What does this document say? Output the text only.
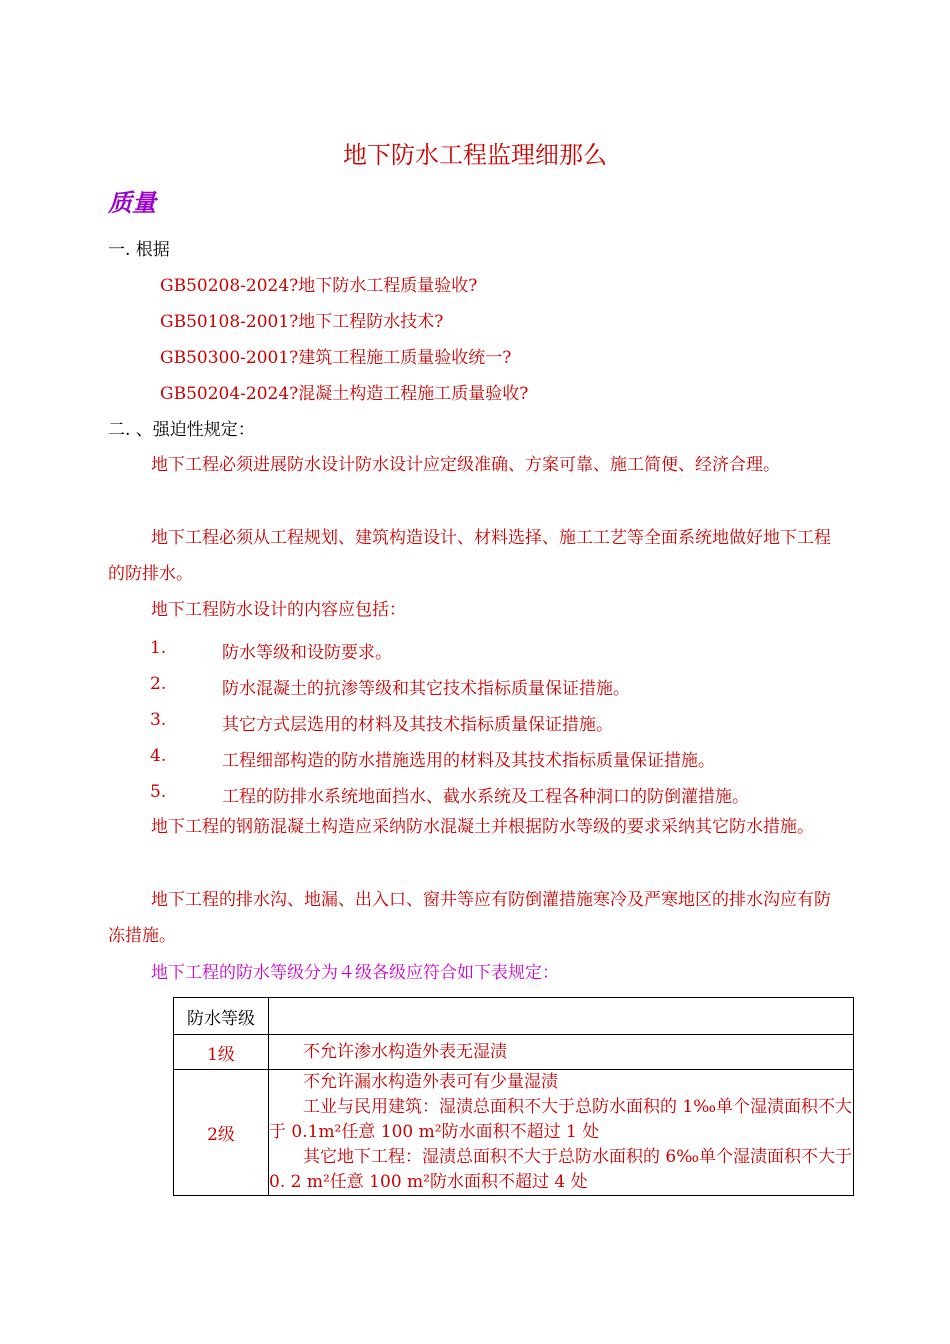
地下防水工程监理细那么
质量
一. 根据
GB50208-2024?地下防水工程质量验收?
GB50108-2001?地下工程防水技术?
GB50300-2001?建筑工程施工质量验收统一?
GB50204-2024?混凝土构造工程施工质量验收?
二. 、强迫性规定：
地下工程必须进展防水设计防水设计应定级准确、方案可靠、施工简便、经济合理。
地下工程必须从工程规划、建筑构造设计、材料选择、施工工艺等全面系统地做好地下工程的防排水。
地下工程防水设计的内容应包括：
1.	防水等级和设防要求。
2.	防水混凝土的抗渗等级和其它技术指标质量保证措施。
3.	其它方式层选用的材料及其技术指标质量保证措施。
4.	工程细部构造的防水措施选用的材料及其技术指标质量保证措施。
5.	工程的防排水系统地面挡水、截水系统及工程各种洞口的防倒灌措施。
地下工程的钢筋混凝土构造应采纳防水混凝土并根据防水等级的要求采纳其它防水措施。
地下工程的排水沟、地漏、出入口、窗井等应有防倒灌措施寒冷及严寒地区的排水沟应有防冻措施。
地下工程的防水等级分为４级各级应符合如下表规定：
防水等级	
1级	不允许渗水构造外表无湿渍

2级	不允许漏水构造外表可有少量湿渍
工业与民用建筑：湿渍总面积不大于总防水面积的 1‰单个湿渍面积不大于 0.1m²任意 100 m²防水面积不超过 1 处
其它地下工程：湿渍总面积不大于总防水面积的 6‰单个湿渍面积不大于 0. 2 m²任意 100 m²防水面积不超过 4 处
